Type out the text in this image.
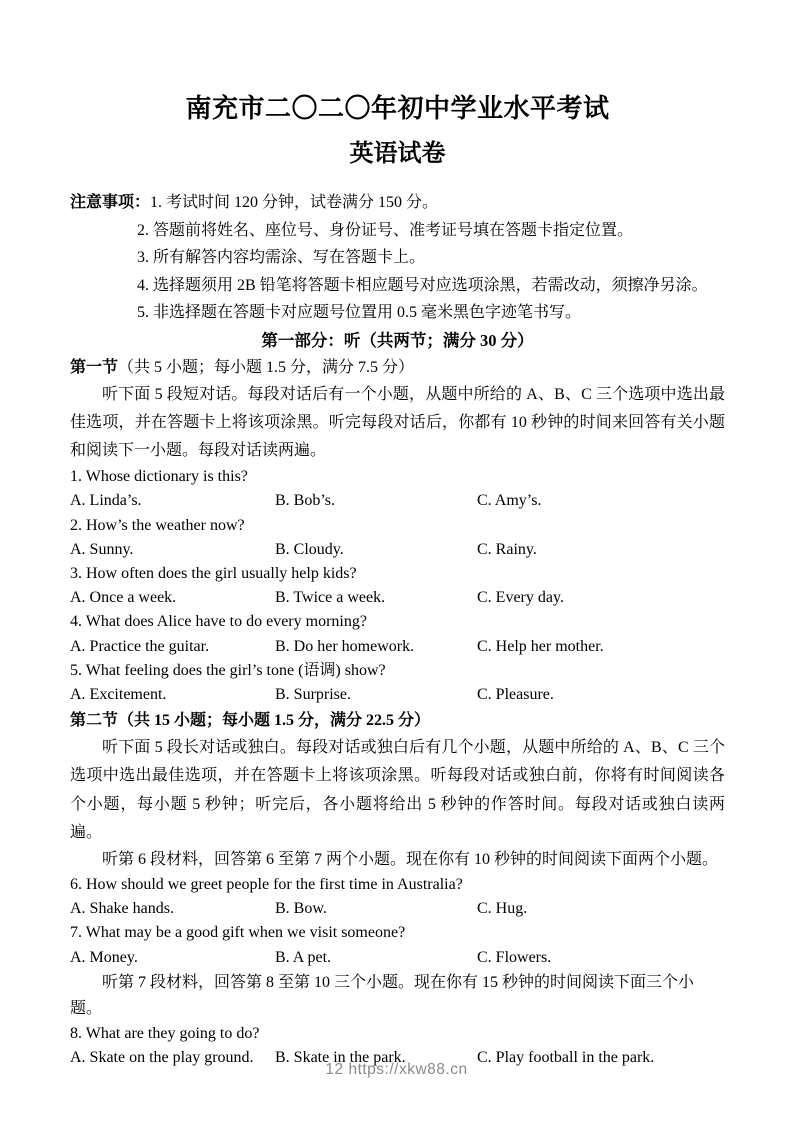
南充市二〇二〇年初中学业水平考试
英语试卷
注意事项： 1. 考试时间 120 分钟，试卷满分 150 分。
2. 答题前将姓名、座位号、身份证号、准考证号填在答题卡指定位置。
3. 所有解答内容均需涂、写在答题卡上。
4. 选择题须用 2B 铅笔将答题卡相应题号对应选项涂黑，若需改动，须擦净另涂。
5. 非选择题在答题卡对应题号位置用 0.5 毫米黑色字迹笔书写。
第一部分：听（共两节；满分 30 分）
第一节（共 5 小题；每小题 1.5 分，满分 7.5 分）
听下面 5 段短对话。每段对话后有一个小题，从题中所给的 A、B、C 三个选项中选出最佳选项，并在答题卡上将该项涂黑。听完每段对话后，你都有 10 秒钟的时间来回答有关小题和阅读下一小题。每段对话读两遍。
1. Whose dictionary is this?
A. Linda’s.	B. Bob’s.	C. Amy’s.
2. How’s the weather now?
A. Sunny.	B. Cloudy.	C. Rainy.
3. How often does the girl usually help kids?
A. Once a week.	B. Twice a week.	C. Every day.
4. What does Alice have to do every morning?
A. Practice the guitar.	B. Do her homework.	C. Help her mother.
5. What feeling does the girl’s tone (语调) show?
A. Excitement.	B. Surprise.	C. Pleasure.
第二节（共 15 小题；每小题 1.5 分，满分 22.5 分）
听下面 5 段长对话或独白。每段对话或独白后有几个小题，从题中所给的 A、B、C 三个选项中选出最佳选项，并在答题卡上将该项涂黑。听每段对话或独白前，你将有时间阅读各个小题，每小题 5 秒钟；听完后，各小题将给出 5 秒钟的作答时间。每段对话或独白读两遍。
听第 6 段材料，回答第 6 至第 7 两个小题。现在你有 10 秒钟的时间阅读下面两个小题。
6. How should we greet people for the first time in Australia?
A. Shake hands.	B. Bow.	C. Hug.
7. What may be a good gift when we visit someone?
A. Money.	B. A pet.	C. Flowers.
听第 7 段材料，回答第 8 至第 10 三个小题。现在你有 15 秒钟的时间阅读下面三个小题。
8. What are they going to do?
A. Skate on the play ground.	B. Skate in the park.	C. Play football in the park.
12 https://xkw88.cn
